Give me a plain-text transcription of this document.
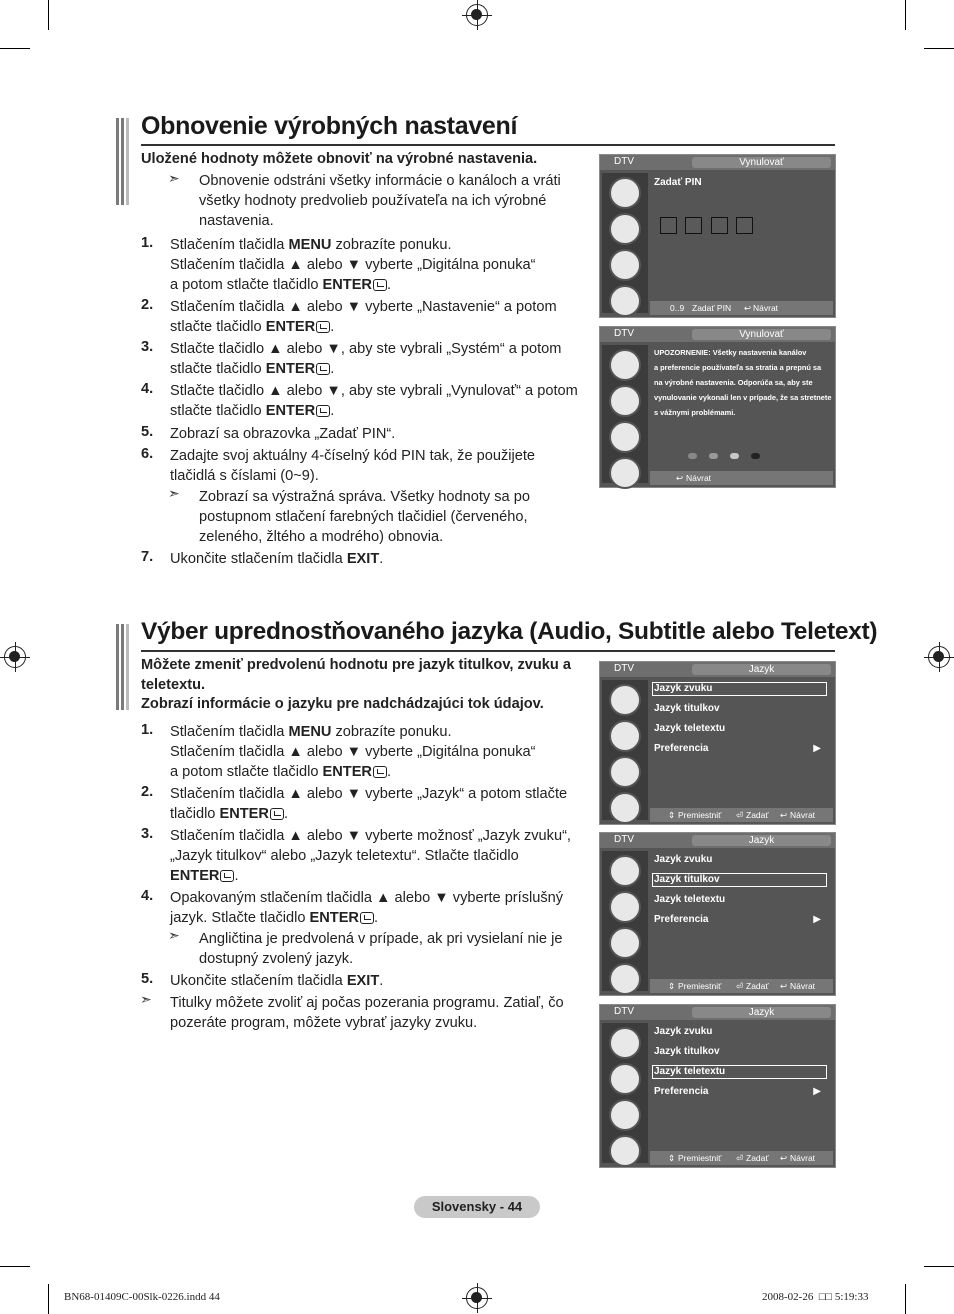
Obnovenie výrobných nastavení
Uložené hodnoty môžete obnoviť na výrobné nastavenia.
➣ Obnovenie odstráni všetky informácie o kanáloch a vráti
všetky hodnoty predvolieb používateľa na ich výrobné
nastavenia.
1. Stlačením tlačidla MENU zobrazíte ponuku.
Stlačením tlačidla ▲ alebo ▼ vyberte „Digitálna ponuka“
a potom stlačte tlačidlo ENTER .
2. Stlačením tlačidla ▲ alebo ▼ vyberte „Nastavenie“ a potom
stlačte tlačidlo ENTER .
3. Stlačte tlačidlo ▲ alebo ▼, aby ste vybrali „Systém“ a potom
stlačte tlačidlo ENTER .
4. Stlačte tlačidlo ▲ alebo ▼, aby ste vybrali „Vynulovať“ a potom
stlačte tlačidlo ENTER .
5. Zobrazí sa obrazovka „Zadať PIN“.
6. Zadajte svoj aktuálny 4-číselný kód PIN tak, že použijete
tlačidlá s číslami (0~9).
➣ Zobrazí sa výstražná správa. Všetky hodnoty sa po
postupnom stlačení farebných tlačidiel (červeného,
zeleného, žltého a modrého) obnovia.
7. Ukončite stlačením tlačidla EXIT.
DTV	Vynulovať
Zadať PIN
0..9 Zadať PIN ↩ Návrat
DTV	Vynulovať
UPOZORNENIE: Všetky nastavenia kanálov
a preferencie používateľa sa stratia a prepnú sa
na výrobné nastavenia. Odporúča sa, aby ste
vynulovanie vykonali len v prípade, že sa stretnete
s vážnymi problémami.
↩ Návrat
Výber uprednostňovaného jazyka (Audio, Subtitle alebo Teletext)
Môžete zmeniť predvolenú hodnotu pre jazyk titulkov, zvuku a
teletextu.
Zobrazí informácie o jazyku pre nadchádzajúci tok údajov.
1. Stlačením tlačidla MENU zobrazíte ponuku.
Stlačením tlačidla ▲ alebo ▼ vyberte „Digitálna ponuka“
a potom stlačte tlačidlo ENTER .
2. Stlačením tlačidla ▲ alebo ▼ vyberte „Jazyk“ a potom stlačte
tlačidlo ENTER .
3. Stlačením tlačidla ▲ alebo ▼ vyberte možnosť „Jazyk zvuku“,
„Jazyk titulkov“ alebo „Jazyk teletextu“. Stlačte tlačidlo
ENTER .
4. Opakovaným stlačením tlačidla ▲ alebo ▼ vyberte príslušný
jazyk. Stlačte tlačidlo ENTER .
➣ Angličtina je predvolená v prípade, ak pri vysielaní nie je
dostupný zvolený jazyk.
5. Ukončite stlačením tlačidla EXIT.
➣ Titulky môžete zvoliť aj počas pozerania programu. Zatiaľ, čo
pozeráte program, môžete vybrať jazyky zvuku.
DTV	Jazyk
Jazyk zvuku
Jazyk titulkov
Jazyk teletextu
Preferencia	▶
⇕ Premiestniť ⏎ Zadať ↩ Návrat
DTV	Jazyk
Jazyk zvuku
Jazyk titulkov
Jazyk teletextu
Preferencia	▶
⇕ Premiestniť ⏎ Zadať ↩ Návrat
DTV	Jazyk
Jazyk zvuku
Jazyk titulkov
Jazyk teletextu
Preferencia	▶
⇕ Premiestniť ⏎ Zadať ↩ Návrat
Slovensky - 44
BN68-01409C-00Slk-0226.indd 44	2008-02-26  □□ 5:19:33
